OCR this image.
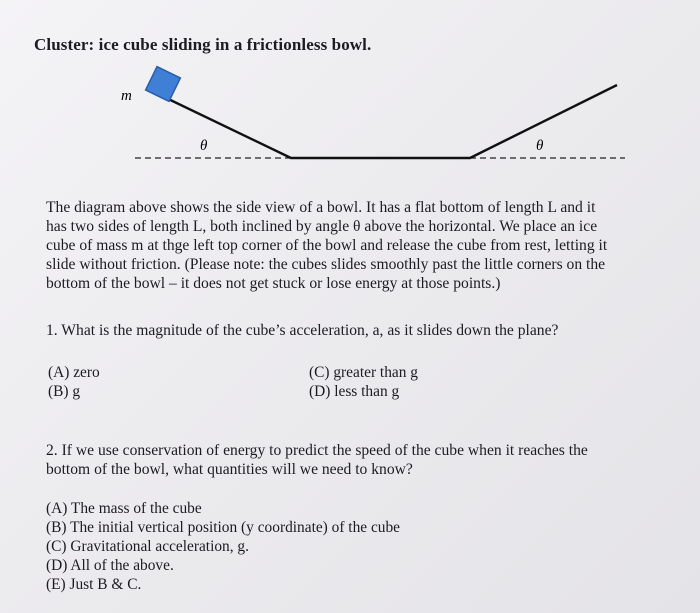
Cluster: ice cube sliding in a frictionless bowl.
m
θ	θ
The diagram above shows the side view of a bowl. It has a flat bottom of length L and it
has two sides of length L, both inclined by angle θ above the horizontal. We place an ice
cube of mass m at thge left top corner of the bowl and release the cube from rest, letting it
slide without friction. (Please note: the cubes slides smoothly past the little corners on the
bottom of the bowl – it does not get stuck or lose energy at those points.)
1. What is the magnitude of the cube’s acceleration, a, as it slides down the plane?
(A) zero
(B) g
(C) greater than g
(D) less than g
2. If we use conservation of energy to predict the speed of the cube when it reaches the
bottom of the bowl, what quantities will we need to know?
(A) The mass of the cube
(B) The initial vertical position (y coordinate) of the cube
(C) Gravitational acceleration, g.
(D) All of the above.
(E) Just B & C.
